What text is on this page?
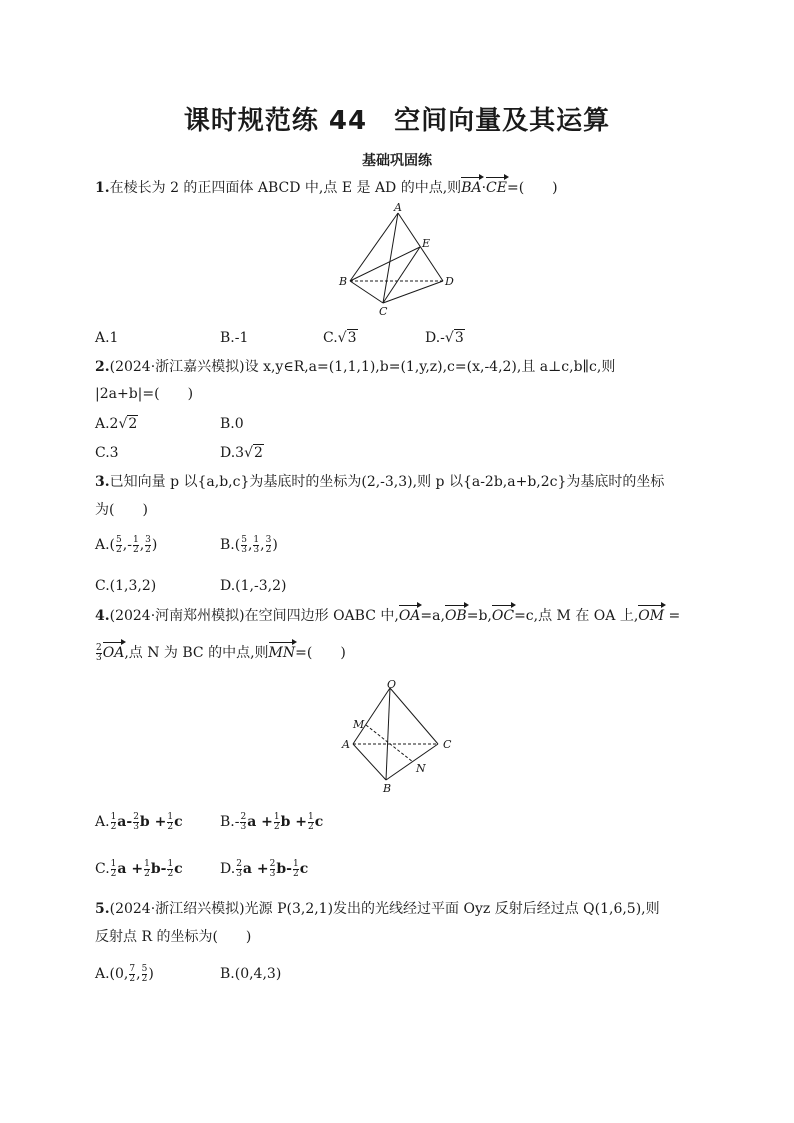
课时规范练 44　空间向量及其运算
基础巩固练
1.在棱长为 2 的正四面体 ABCD 中,点 E 是 AD 的中点,则BA·CE=(　　)
A
B
C
D
E
A.1	B.-1	C.√3	D.-√3
2.(2024·浙江嘉兴模拟)设 x,y∈R,a=(1,1,1),b=(1,y,z),c=(x,-4,2),且 a⊥c,b∥c,则
|2a+b|=(　　)
A.2√2	B.0
C.3	D.3√2
3.已知向量 p 以{a,b,c}为基底时的坐标为(2,-3,3),则 p 以{a-2b,a+b,2c}为基底时的坐标
为(　　)
$A.( \frac{5}{2}$ ,- $\frac{1}{2}$ , $\frac{3}{2}$ )	$B.( \frac{5}{3}$ , $\frac{1}{3}$ , $\frac{3}{2}$ )
C.(1,3,2)	D.(1,-3,2)
4.(2024·河南郑州模拟)在空间四边形 OABC 中,OA=a,OB=b,OC=c,点 M 在 OA 上,OM =
$\frac{2}{3}$ OA,点 N 为 BC 的中点,则MN=(　　)
O
M
A	C
N
B
A. $\frac{1}{2} a- \frac{2}{3}$ $b + \frac{1}{2}$ c	$B.- \frac{2}{3}$ $a + \frac{1}{2}$ $b + \frac{1}{2}$ c
C. $\frac{1}{2}$ $a + \frac{1}{2} b- \frac{1}{2}$ c	D. $\frac{2}{3}$ $a + \frac{2}{3} b- \frac{1}{2}$ c
5.(2024·浙江绍兴模拟)光源 P(3,2,1)发出的光线经过平面 Oyz 反射后经过点 Q(1,6,5),则
反射点 R 的坐标为(　　)
A.(0, $\frac{7}{2}$ , $\frac{5}{2}$ )	B.(0,4,3)
